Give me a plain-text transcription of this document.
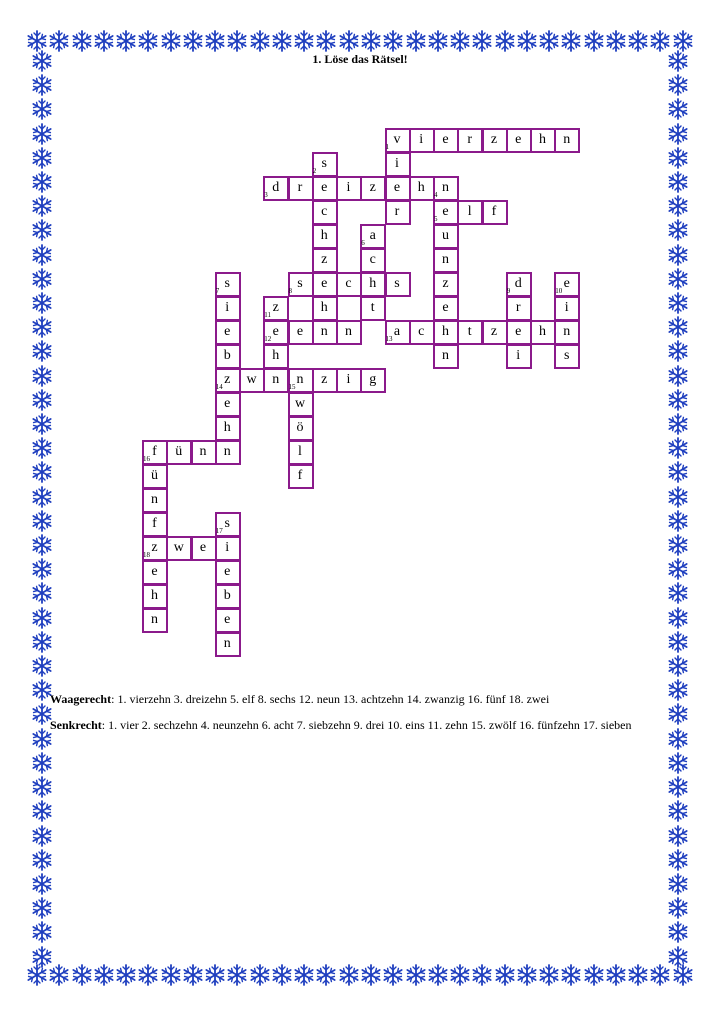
1. Löse das Rätsel!
v
1	i	e	r	z	e	h	n
i
e
r
s
2
e
c
h
z
e
h
n
d
3	r	i	z	h	n
4
e
5
u
n
z
e
h
n
l	f
a
6
c
h
t
s
7
i
e
b
z
14
e
h
n
s
8	c	s	d
9
r
e
i
e
10
i
n
s
z
11
e
12
h
n
e	n	a
13	c	t	z	h
w	n
15	z	i	g
w
ö
l
f
f
16	ü	n
ü
n
f
z
18
e
h
n
s
17
i
e
b
e
n
w	e
Waagerecht: 1. vierzehn 3. dreizehn 5. elf 8. sechs 12. neun 13. achtzehn 14. zwanzig 16. fünf 18. zwei
Senkrecht: 1. vier 2. sechzehn 4. neunzehn 6. acht 7. siebzehn 9. drei 10. eins 11. zehn 15. zwölf 16. fünfzehn 17. sieben
